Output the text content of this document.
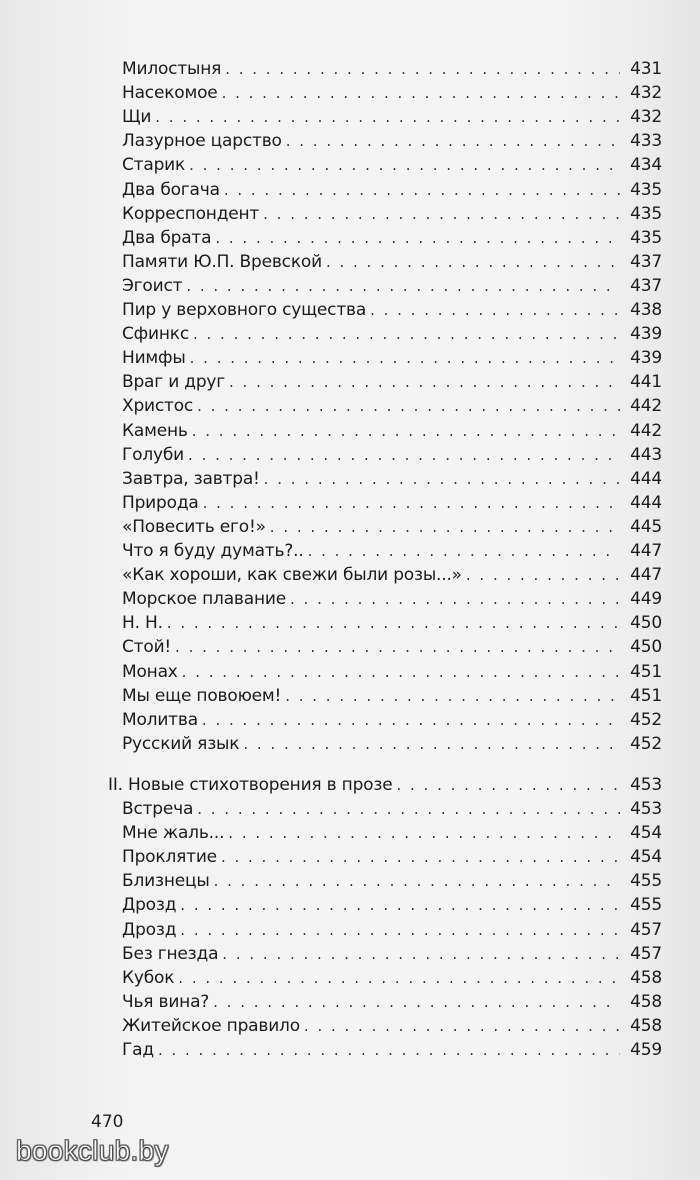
Милостыня . . .	431
Насекомое . . .	432
Щи . . .	432
Лазурное царство . . .	433
Старик . . .	434
Два богача . . .	435
Корреспондент . . .	435
Два брата . . .	435
Памяти Ю.П. Вревской . . .	437
Эгоист . . .	437
Пир у верховного существа . . .	438
Сфинкс . . .	439
Нимфы . . .	439
Враг и друг . . .	441
Христос . . .	442
Камень . . .	442
Голуби . . .	443
Завтра, завтра! . . .	444
Природа . . .	444
«Повесить его!» . . .	445
Что я буду думать?.. . . .	447
«Как хороши, как свежи были розы...» . . .	447
Морское плавание . . .	449
Н. Н. . . .	450
Стой! . . .	450
Монах . . .	451
Мы еще повоюем! . . .	451
Молитва . . .	452
Русский язык . . .	452
II. Новые стихотворения в прозе . . .	453
Встреча . . .	453
Мне жаль... . . .	454
Проклятие . . .	454
Близнецы . . .	455
Дрозд . . .	455
Дрозд . . .	457
Без гнезда . . .	457
Кубок . . .	458
Чья вина? . . .	458
Житейское правило . . .	458
Гад . . .	459
470
bookclub.by
